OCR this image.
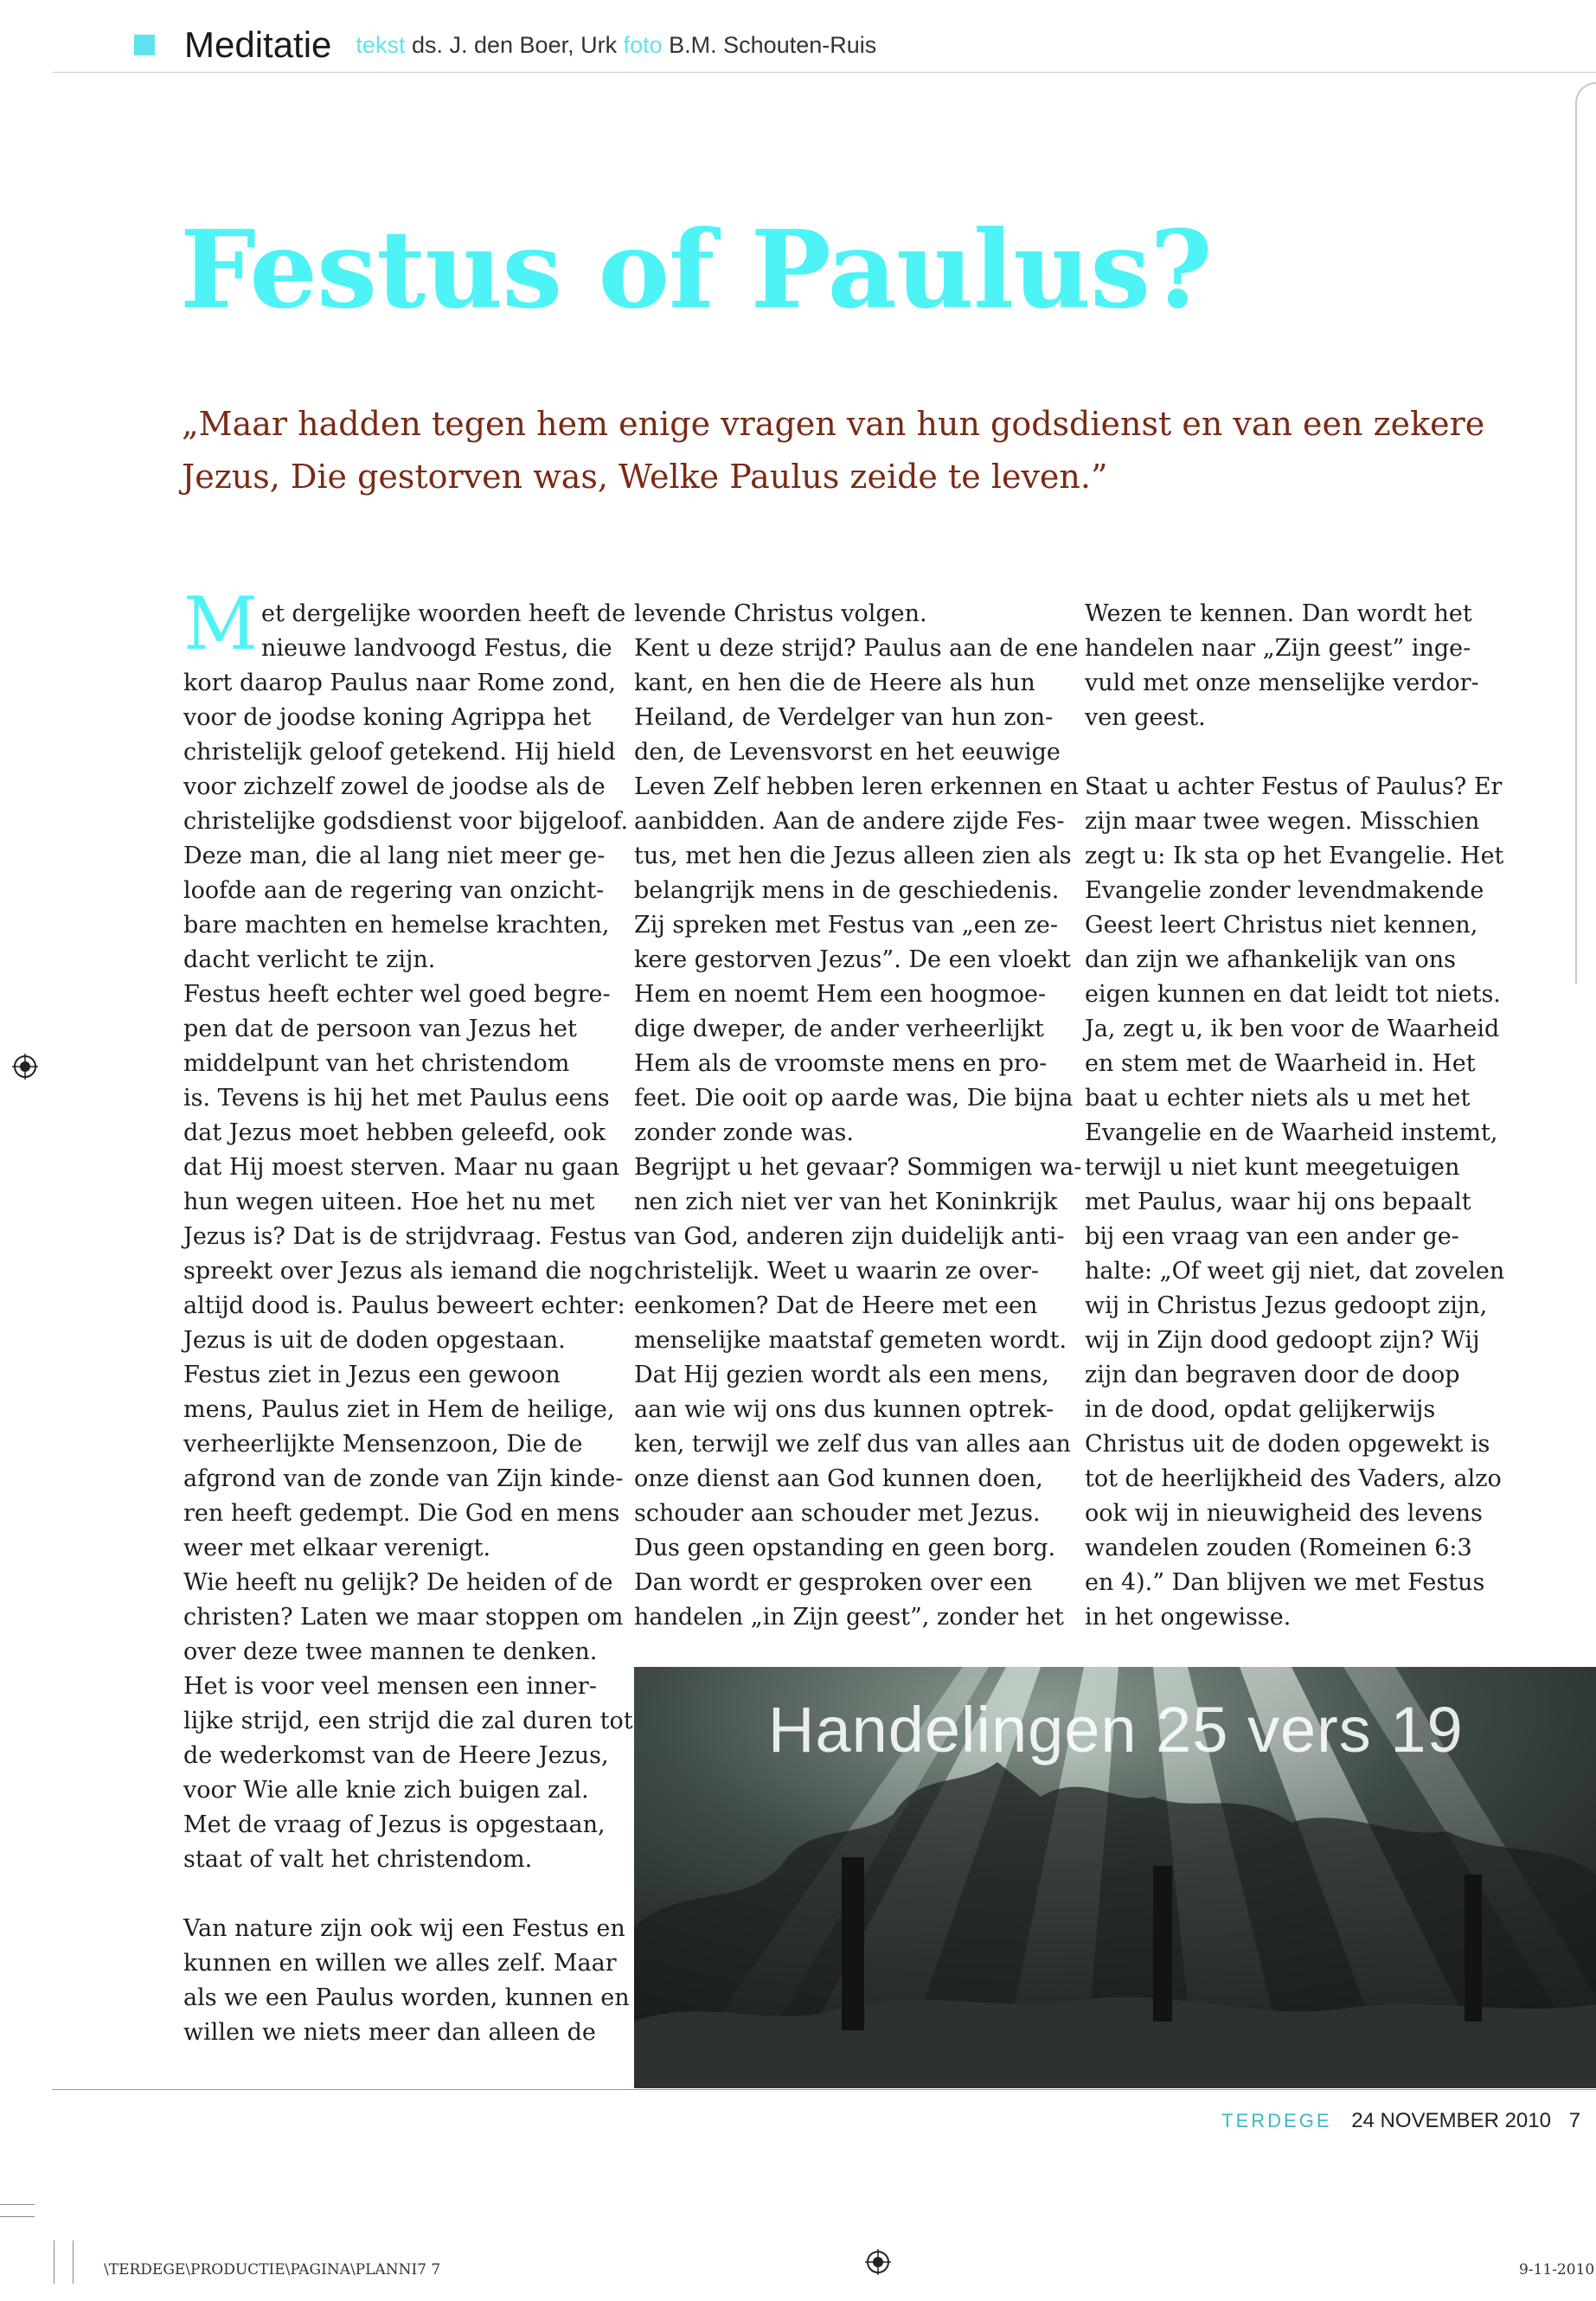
Meditatie tekst ds. J. den Boer, Urk foto B.M. Schouten-Ruis
Festus of Paulus?
„Maar hadden tegen hem enige vragen van hun godsdienst en van een zekere Jezus, Die gestorven was, Welke Paulus zeide te leven.”
M et dergelijke woorden heeft de
nieuwe landvoogd Festus, die
kort daarop Paulus naar Rome zond,
voor de joodse koning Agrippa het
christelijk geloof getekend. Hij hield
voor zichzelf zowel de joodse als de
christelijke godsdienst voor bijgeloof.
Deze man, die al lang niet meer ge-
loofde aan de regering van onzicht-
bare machten en hemelse krachten,
dacht verlicht te zijn.
Festus heeft echter wel goed begre-
pen dat de persoon van Jezus het
middelpunt van het christendom
is. Tevens is hij het met Paulus eens
dat Jezus moet hebben geleefd, ook
dat Hij moest sterven. Maar nu gaan
hun wegen uiteen. Hoe het nu met
Jezus is? Dat is de strijdvraag. Festus
spreekt over Jezus als iemand die nog
altijd dood is. Paulus beweert echter:
Jezus is uit de doden opgestaan.
Festus ziet in Jezus een gewoon
mens, Paulus ziet in Hem de heilige,
verheerlijkte Mensenzoon, Die de
afgrond van de zonde van Zijn kinde-
ren heeft gedempt. Die God en mens
weer met elkaar verenigt.
Wie heeft nu gelijk? De heiden of de
christen? Laten we maar stoppen om
over deze twee mannen te denken.
Het is voor veel mensen een inner-
lijke strijd, een strijd die zal duren tot
de wederkomst van de Heere Jezus,
voor Wie alle knie zich buigen zal.
Met de vraag of Jezus is opgestaan,
staat of valt het christendom.

Van nature zijn ook wij een Festus en
kunnen en willen we alles zelf. Maar
als we een Paulus worden, kunnen en
willen we niets meer dan alleen de
levende Christus volgen.
Kent u deze strijd? Paulus aan de ene
kant, en hen die de Heere als hun
Heiland, de Verdelger van hun zon-
den, de Levensvorst en het eeuwige
Leven Zelf hebben leren erkennen en
aanbidden. Aan de andere zijde Fes-
tus, met hen die Jezus alleen zien als
belangrijk mens in de geschiedenis.
Zij spreken met Festus van „een ze-
kere gestorven Jezus”. De een vloekt
Hem en noemt Hem een hoogmoe-
dige dweper, de ander verheerlijkt
Hem als de vroomste mens en pro-
feet. Die ooit op aarde was, Die bijna
zonder zonde was.
Begrijpt u het gevaar? Sommigen wa-
nen zich niet ver van het Koninkrijk
van God, anderen zijn duidelijk anti-
christelijk. Weet u waarin ze over-
eenkomen? Dat de Heere met een
menselijke maatstaf gemeten wordt.
Dat Hij gezien wordt als een mens,
aan wie wij ons dus kunnen optrek-
ken, terwijl we zelf dus van alles aan
onze dienst aan God kunnen doen,
schouder aan schouder met Jezus.
Dus geen opstanding en geen borg.
Dan wordt er gesproken over een
handelen „in Zijn geest”, zonder het
Wezen te kennen. Dan wordt het
handelen naar „Zijn geest” inge-
vuld met onze menselijke verdor-
ven geest.

Staat u achter Festus of Paulus? Er
zijn maar twee wegen. Misschien
zegt u: Ik sta op het Evangelie. Het
Evangelie zonder levendmakende
Geest leert Christus niet kennen,
dan zijn we afhankelijk van ons
eigen kunnen en dat leidt tot niets.
Ja, zegt u, ik ben voor de Waarheid
en stem met de Waarheid in. Het
baat u echter niets als u met het
Evangelie en de Waarheid instemt,
terwijl u niet kunt meegetuigen
met Paulus, waar hij ons bepaalt
bij een vraag van een ander ge-
halte: „Of weet gij niet, dat zovelen
wij in Christus Jezus gedoopt zijn,
wij in Zijn dood gedoopt zijn? Wij
zijn dan begraven door de doop
in de dood, opdat gelijkerwijs
Christus uit de doden opgewekt is
tot de heerlijkheid des Vaders, alzo
ook wij in nieuwigheid des levens
wandelen zouden (Romeinen 6:3
en 4).” Dan blijven we met Festus
in het ongewisse.
Handelingen 25 vers 19
TERDEGE 24 NOVEMBER 2010 7
\TERDEGE\PRODUCTIE\PAGINA\PLANNI7 7	9-11-2010
